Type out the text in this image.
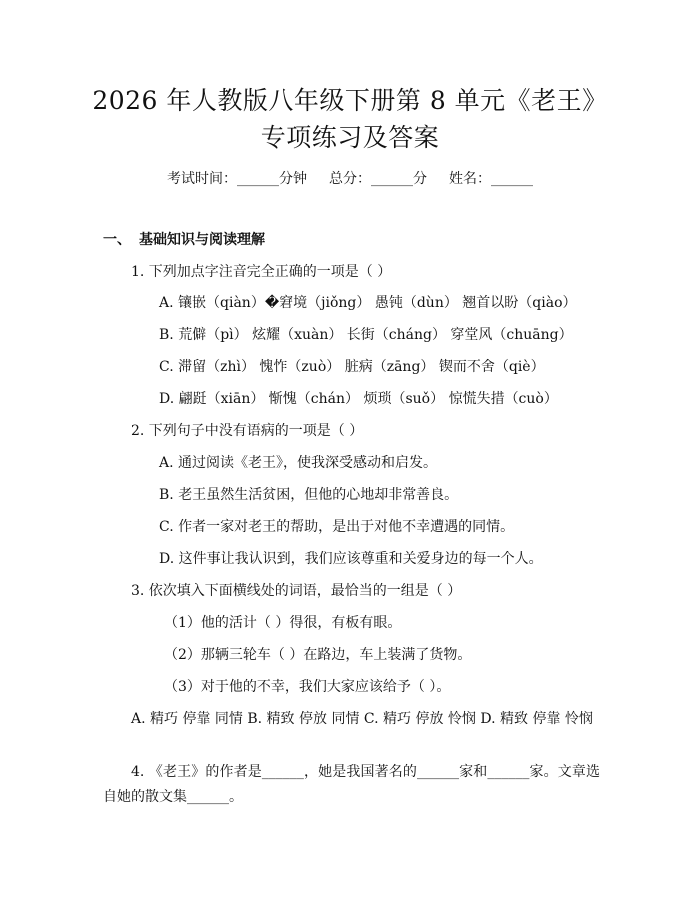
2026 年人教版八年级下册第 8 单元《老王》
专项练习及答案
考试时间：______分钟 总分：______分 姓名：______
一、 基础知识与阅读理解
1. 下列加点字注音完全正确的一项是（ ）
A. 镶嵌（qiàn）�窘境（jiǒng） 愚钝（dùn） 翘首以盼（qiào）
B. 荒僻（pì） 炫耀（xuàn） 长街（cháng） 穿堂风（chuāng）
C. 滞留（zhì） 愧怍（zuò） 脏病（zāng） 锲而不舍（qiè）
D. 翩跹（xiān） 惭愧（chán） 烦琐（suǒ） 惊慌失措（cuò）
2. 下列句子中没有语病的一项是（ ）
A. 通过阅读《老王》，使我深受感动和启发。
B. 老王虽然生活贫困，但他的心地却非常善良。
C. 作者一家对老王的帮助，是出于对他不幸遭遇的同情。
D. 这件事让我认识到，我们应该尊重和关爱身边的每一个人。
3. 依次填入下面横线处的词语，最恰当的一组是（ ）
（1）他的活计（ ）得很，有板有眼。
（2）那辆三轮车（ ）在路边，车上装满了货物。
（3）对于他的不幸，我们大家应该给予（ ）。
A. 精巧 停靠 同情 B. 精致 停放 同情 C. 精巧 停放 怜悯 D. 精致 停靠 怜悯
4. 《老王》的作者是______，她是我国著名的______家和______家。文章选自她的散文集______。
